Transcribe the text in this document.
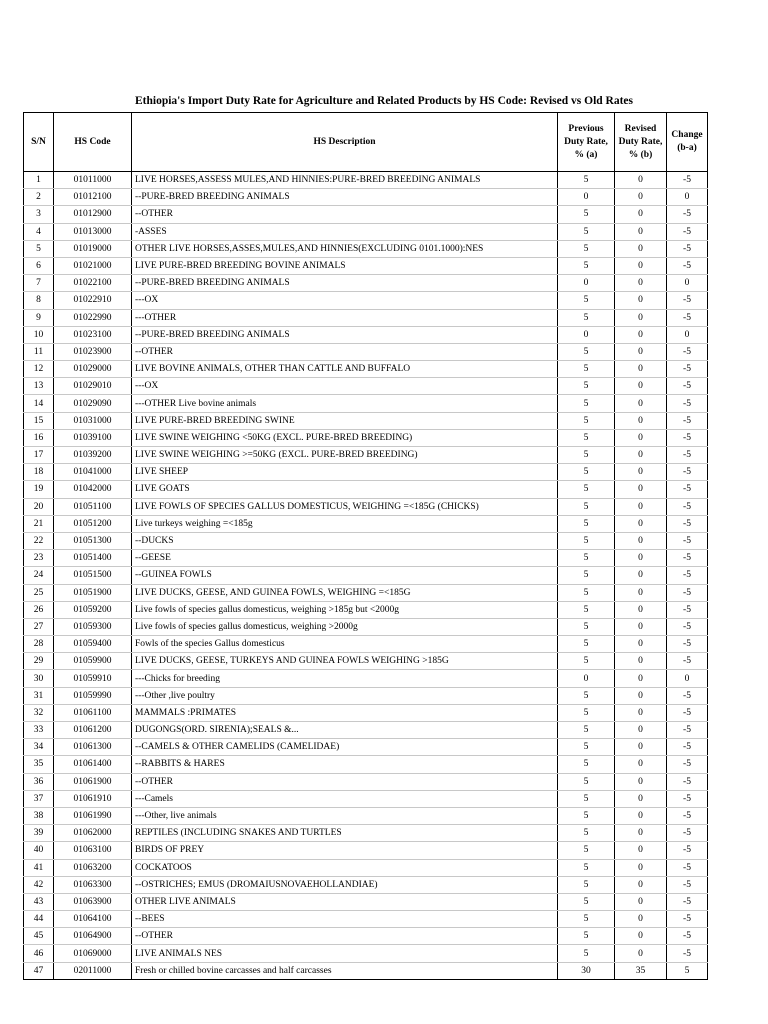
Ethiopia's Import Duty Rate for Agriculture and Related Products by HS Code: Revised vs Old Rates
S/N	HS Code	HS Description	Previous
Duty Rate,
% (a)	Revised
Duty Rate,
% (b)	Change
(b-a)
1	01011000	LIVE HORSES,ASSESS MULES,AND HINNIES:PURE-BRED BREEDING ANIMALS	5	0	-5
2	01012100	--PURE-BRED BREEDING ANIMALS	0	0	0
3	01012900	--OTHER	5	0	-5
4	01013000	-ASSES	5	0	-5
5	01019000	OTHER LIVE HORSES,ASSES,MULES,AND HINNIES(EXCLUDING 0101.1000):NES	5	0	-5
6	01021000	LIVE PURE-BRED BREEDING BOVINE ANIMALS	5	0	-5
7	01022100	--PURE-BRED BREEDING ANIMALS	0	0	0
8	01022910	---OX	5	0	-5
9	01022990	---OTHER	5	0	-5
10	01023100	--PURE-BRED BREEDING ANIMALS	0	0	0
11	01023900	--OTHER	5	0	-5
12	01029000	LIVE BOVINE ANIMALS, OTHER THAN CATTLE AND BUFFALO	5	0	-5
13	01029010	---OX	5	0	-5
14	01029090	---OTHER Live bovine animals	5	0	-5
15	01031000	LIVE PURE-BRED BREEDING SWINE	5	0	-5
16	01039100	LIVE SWINE WEIGHING <50KG (EXCL. PURE-BRED BREEDING)	5	0	-5
17	01039200	LIVE SWINE WEIGHING >=50KG (EXCL. PURE-BRED BREEDING)	5	0	-5
18	01041000	LIVE SHEEP	5	0	-5
19	01042000	LIVE GOATS	5	0	-5
20	01051100	LIVE FOWLS OF SPECIES GALLUS DOMESTICUS, WEIGHING =<185G (CHICKS)	5	0	-5
21	01051200	Live turkeys weighing =<185g	5	0	-5
22	01051300	--DUCKS	5	0	-5
23	01051400	--GEESE	5	0	-5
24	01051500	--GUINEA FOWLS	5	0	-5
25	01051900	LIVE DUCKS, GEESE, AND GUINEA FOWLS, WEIGHING =<185G	5	0	-5
26	01059200	Live fowls of species gallus domesticus, weighing >185g but <2000g	5	0	-5
27	01059300	Live fowls of species gallus domesticus, weighing >2000g	5	0	-5
28	01059400	Fowls of the species Gallus domesticus	5	0	-5
29	01059900	LIVE DUCKS, GEESE, TURKEYS AND GUINEA FOWLS WEIGHING >185G	5	0	-5
30	01059910	---Chicks for breeding	0	0	0
31	01059990	---Other ,live poultry	5	0	-5
32	01061100	MAMMALS :PRIMATES	5	0	-5
33	01061200	DUGONGS(ORD. SIRENIA);SEALS &...	5	0	-5
34	01061300	--CAMELS & OTHER CAMELIDS (CAMELIDAE)	5	0	-5
35	01061400	--RABBITS & HARES	5	0	-5
36	01061900	--OTHER	5	0	-5
37	01061910	---Camels	5	0	-5
38	01061990	---Other, live animals	5	0	-5
39	01062000	REPTILES (INCLUDING SNAKES AND TURTLES	5	0	-5
40	01063100	BIRDS OF PREY	5	0	-5
41	01063200	COCKATOOS	5	0	-5
42	01063300	--OSTRICHES; EMUS (DROMAIUSNOVAEHOLLANDIAE)	5	0	-5
43	01063900	OTHER LIVE ANIMALS	5	0	-5
44	01064100	--BEES	5	0	-5
45	01064900	--OTHER	5	0	-5
46	01069000	LIVE ANIMALS NES	5	0	-5
47	02011000	Fresh or chilled bovine carcasses and half carcasses	30	35	5
